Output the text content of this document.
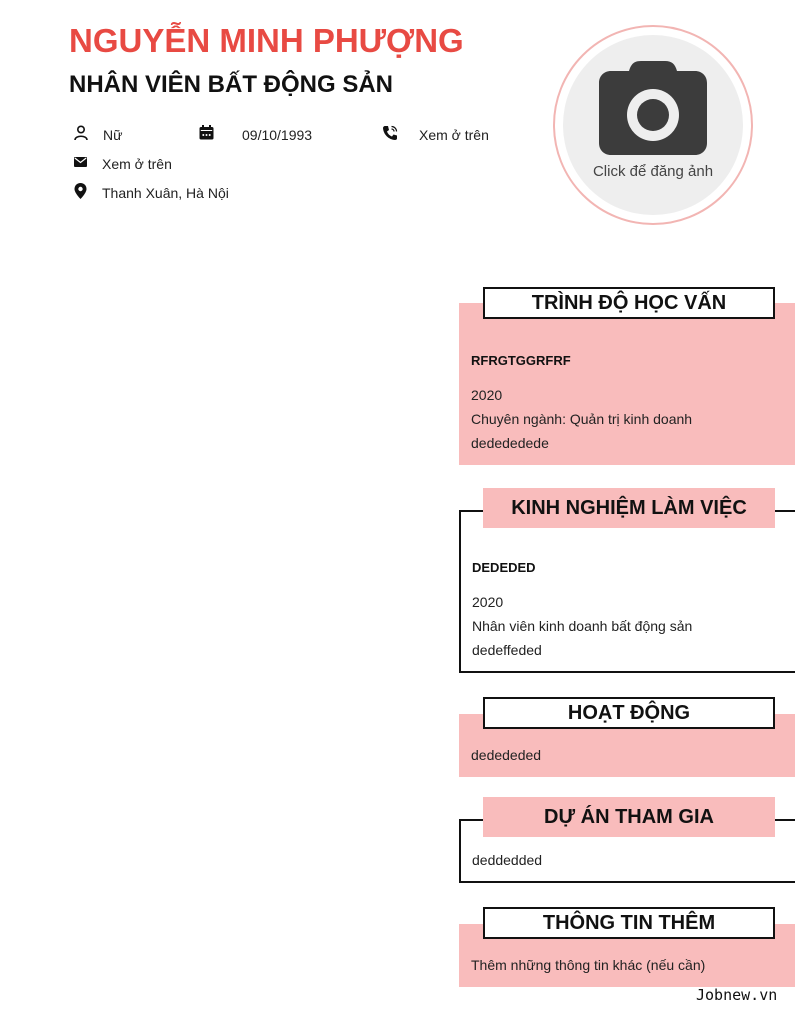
NGUYỄN MINH PHƯỢNG
NHÂN VIÊN BẤT ĐỘNG SẢN
Nữ	09/10/1993	Xem ở trên
Xem ở trên
Thanh Xuân, Hà Nội
Click để đăng ảnh
TRÌNH ĐỘ HỌC VẤN
RFRGTGGRFRF
2020
Chuyên ngành: Quản trị kinh doanh
dededede​de
KINH NGHIỆM LÀM VIỆC
DEDEDED
2020
Nhân viên kinh doanh bất động sản
dedeffeded
HOẠT ĐỘNG
dedededed
DỰ ÁN THAM GIA
deddedded
THÔNG TIN THÊM
Thêm những thông tin khác (nếu cần)
Jobnew.vn
